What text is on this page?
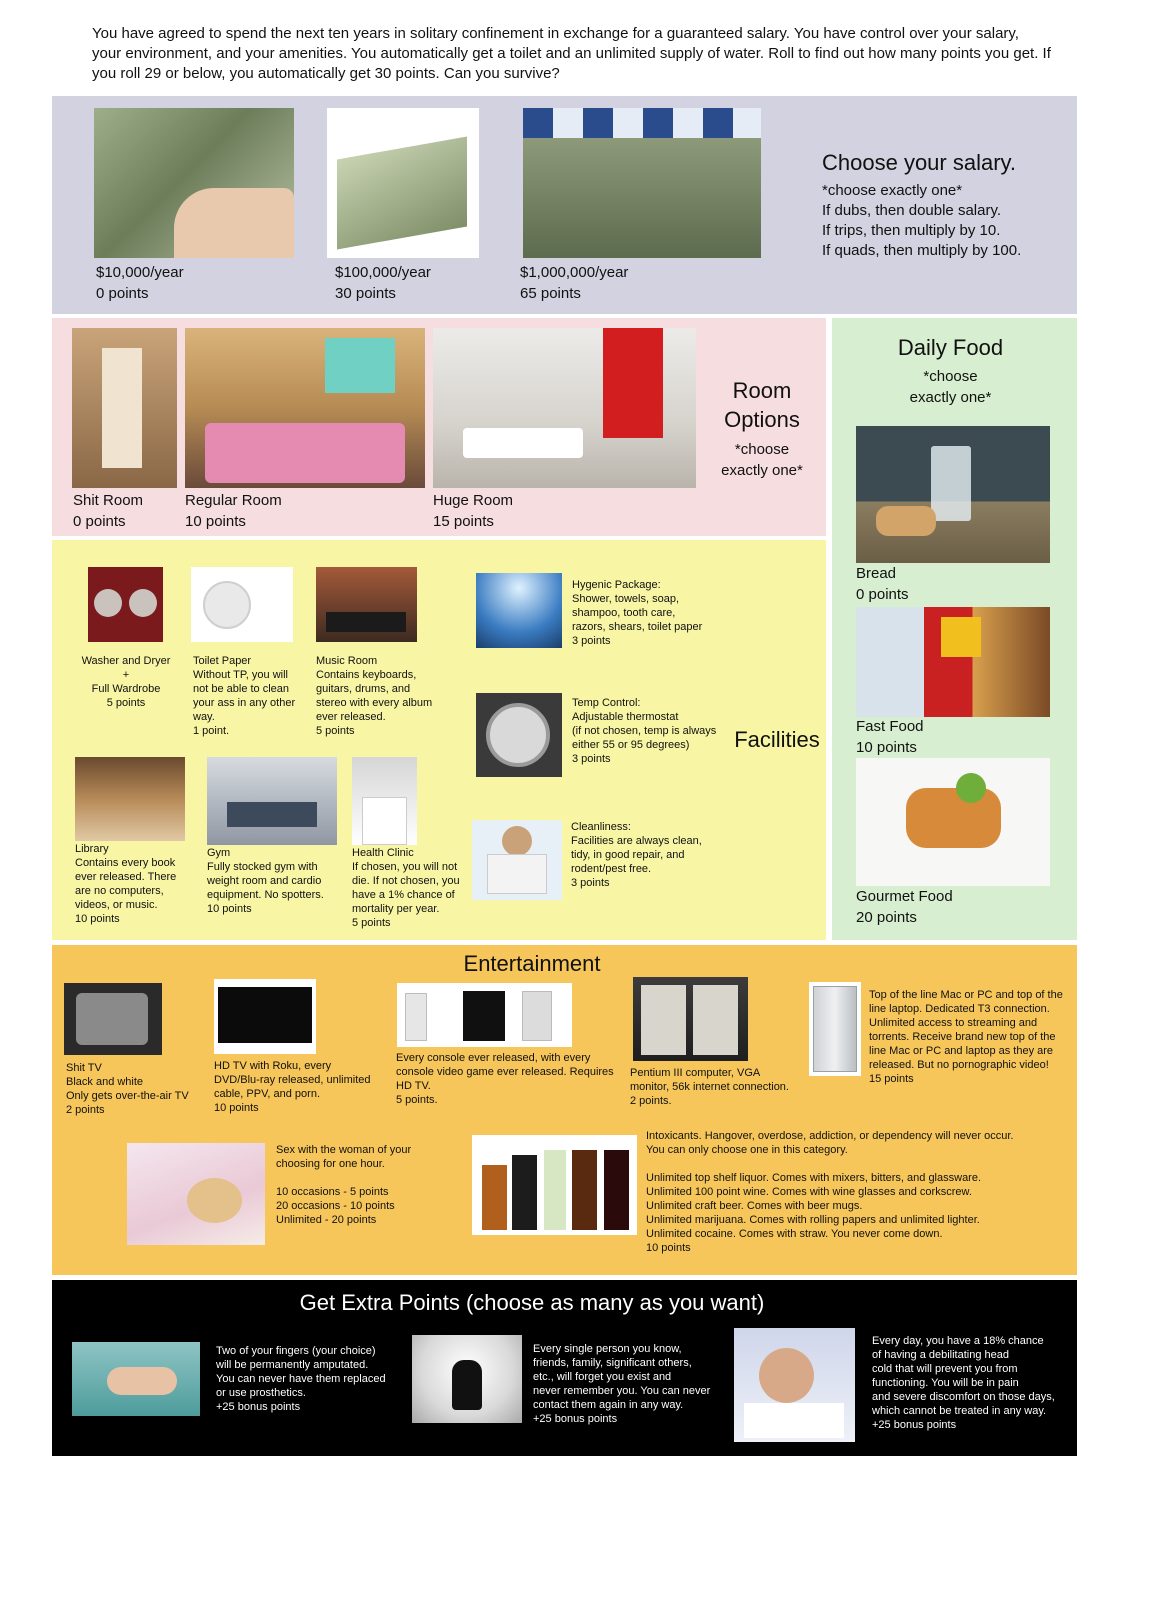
You have agreed to spend the next ten years in solitary confinement in exchange for a guaranteed salary. You have control over your salary, your environment, and your amenities. You automatically get a toilet and an unlimited supply of water. Roll to find out how many points you get. If you roll 29 or below, you automatically get 30 points. Can you survive?
$10,000/year
0 points
$100,000/year
30 points
$1,000,000/year
65 points
Choose your salary.
*choose exactly one*
If dubs, then double salary.
If trips, then multiply by 10.
If quads, then multiply by 100.
Shit Room
0 points
Regular Room
10 points
Huge Room
15 points
Room
Options
*choose
exactly one*
Daily Food
*choose
exactly one*
Bread
0 points
Fast Food
10 points
Gourmet Food
20 points
Washer and Dryer
+
Full Wardrobe
5 points
Toilet Paper
Without TP, you will
not be able to clean
your ass in any other
way.
1 point.
Music Room
Contains keyboards,
guitars, drums, and
stereo with every album
ever released.
5 points
Hygenic Package:
Shower, towels, soap,
shampoo, tooth care,
razors, shears, toilet paper
3 points
Temp Control:
Adjustable thermostat
(if not chosen, temp is always
either 55 or 95 degrees)
3 points
Facilities
Library
Contains every book
ever released. There
are no computers,
videos, or music.
10 points
Gym
Fully stocked gym with
weight room and cardio
equipment. No spotters.
10 points
Health Clinic
If chosen, you will not
die. If not chosen, you
have a 1% chance of
mortality per year.
5 points
Cleanliness:
Facilities are always clean,
tidy, in good repair, and
rodent/pest free.
3 points
Entertainment
Shit TV
Black and white
Only gets over-the-air TV
2 points
HD TV with Roku, every
DVD/Blu-ray released, unlimited
cable, PPV, and porn.
10 points
Every console ever released, with every
console video game ever released. Requires
HD TV.
5 points.
Pentium III computer, VGA
monitor, 56k internet connection.
2 points.
Top of the line Mac or PC and top of the
line laptop. Dedicated T3 connection.
Unlimited access to streaming and
torrents. Receive brand new top of the
line Mac or PC and laptop as they are
released. But no pornographic video!
15 points
Sex with the woman of your
choosing for one hour.

10 occasions - 5 points
20 occasions - 10 points
Unlimited - 20 points
Intoxicants. Hangover, overdose, addiction, or dependency will never occur.
You can only choose one in this category.

Unlimited top shelf liquor. Comes with mixers, bitters, and glassware.
Unlimited 100 point wine. Comes with wine glasses and corkscrew.
Unlimited craft beer. Comes with beer mugs.
Unlimited marijuana. Comes with rolling papers and unlimited lighter.
Unlimited cocaine. Comes with straw. You never come down.
10 points
Get Extra Points (choose as many as you want)
Two of your fingers (your choice)
will be permanently amputated.
You can never have them replaced
or use prosthetics.
+25 bonus points
Every single person you know,
friends, family, significant others,
etc., will forget you exist and
never remember you. You can never
contact them again in any way.
+25 bonus points
Every day, you have a 18% chance
of having a debilitating head
cold that will prevent you from
functioning. You will be in pain
and severe discomfort on those days,
which cannot be treated in any way.
+25 bonus points
